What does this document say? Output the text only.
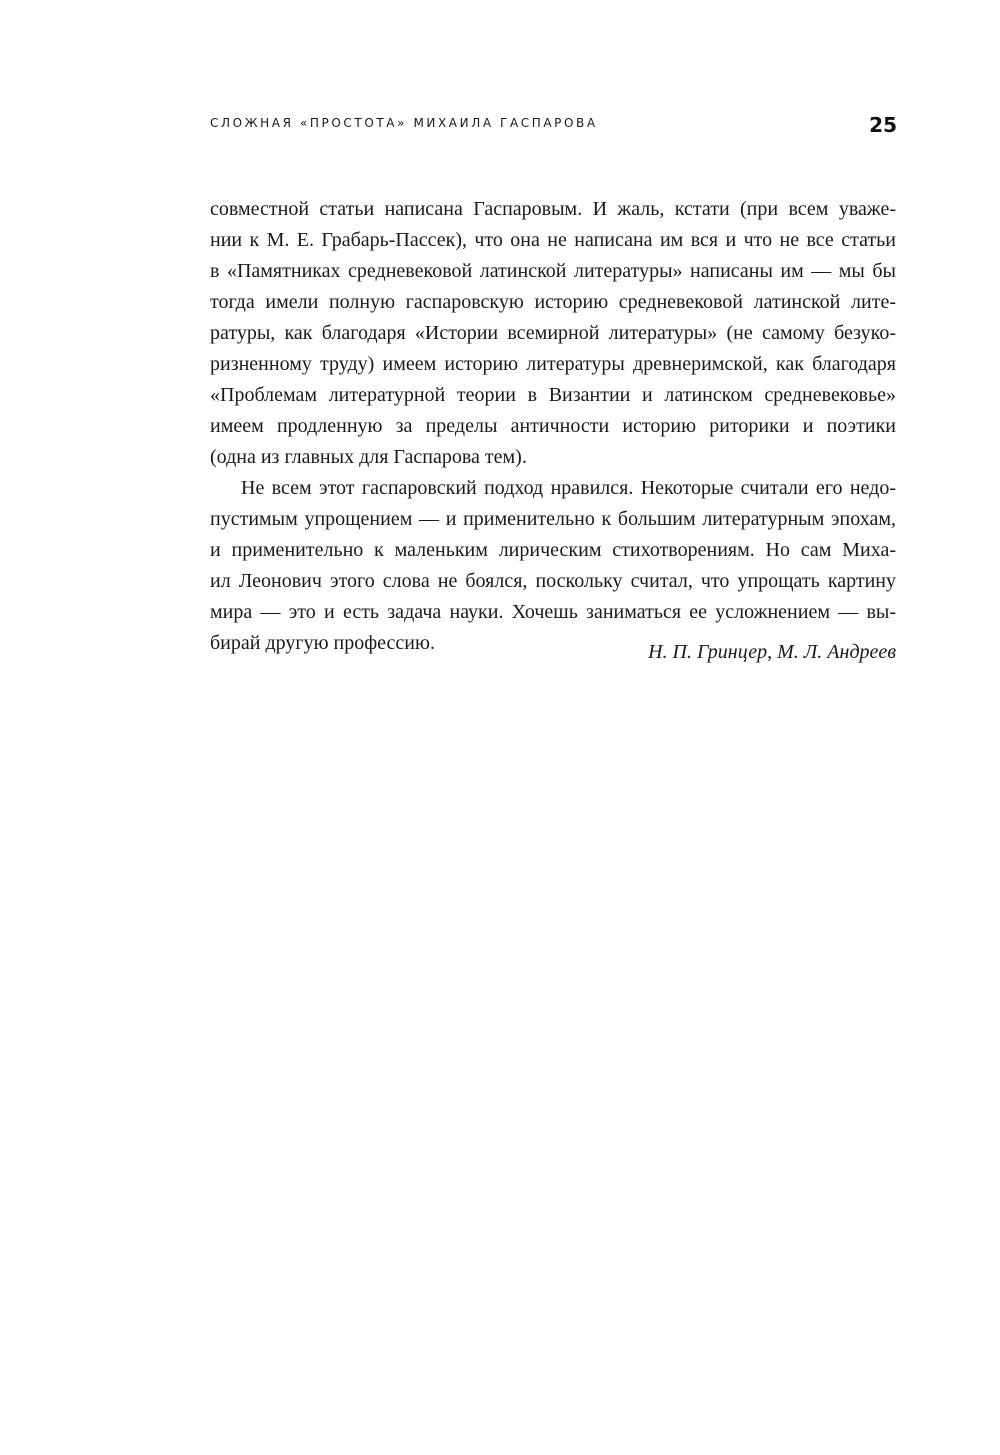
СЛОЖНАЯ «ПРОСТОТА» МИХАИЛА ГАСПАРОВА	25
совместной статьи написана Гаспаровым. И жаль, кстати (при всем уваже-
нии к М. Е. Грабарь-Пассек), что она не написана им вся и что не все статьи
в «Памятниках средневековой латинской литературы» написаны им — мы бы
тогда имели полную гаспаровскую историю средневековой латинской лите-
ратуры, как благодаря «Истории всемирной литературы» (не самому безуко-
ризненному труду) имеем историю литературы древнеримской, как благодаря
«Проблемам литературной теории в Византии и латинском средневековье»
имеем продленную за пределы античности историю риторики и поэтики
(одна из главных для Гаспарова тем).
Не всем этот гаспаровский подход нравился. Некоторые считали его недо-
пустимым упрощением — и применительно к большим литературным эпохам,
и применительно к маленьким лирическим стихотворениям. Но сам Миха-
ил Леонович этого слова не боялся, поскольку считал, что упрощать картину
мира — это и есть задача науки. Хочешь заниматься ее усложнением — вы-
бирай другую профессию.	Н. П. Гринцер, М. Л. Андреев
